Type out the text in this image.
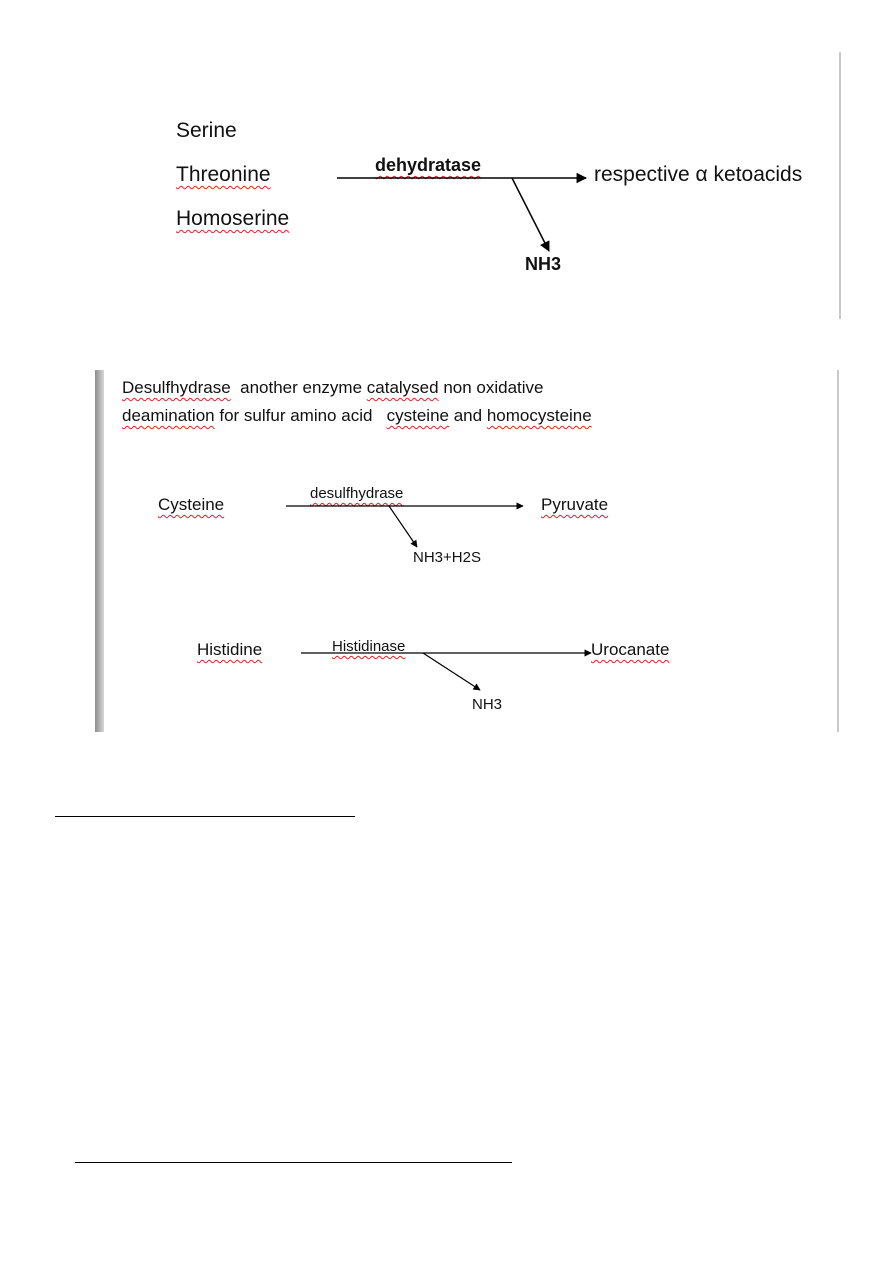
Serine
Threonine
Homoserine
dehydratase	respective α ketoacids
NH3
Desulfhydrase another enzyme catalysed non oxidative
deamination for sulfur amino acid cysteine and homocysteine
Cysteine
desulfhydrase
Pyruvate
NH3+H2S
Histidine	Histidinase	Urocanate
NH3
